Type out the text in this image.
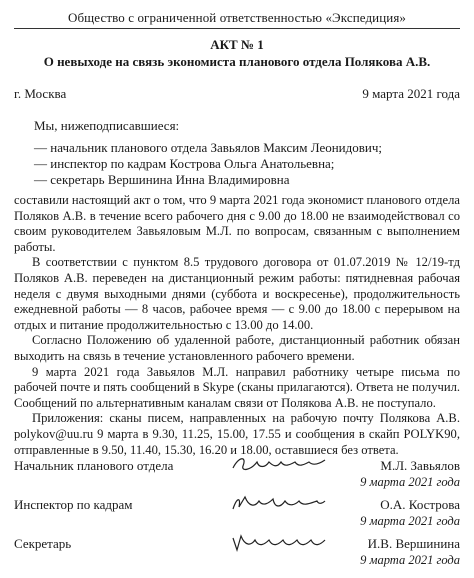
Общество с ограниченной ответственностью «Экспедиция»
АКТ № 1
О невыходе на связь экономиста планового отдела Полякова А.В.
г. Москва	9 марта 2021 года
Мы, нижеподписавшиеся:
— начальник планового отдела Завьялов Максим Леонидович;
— инспектор по кадрам Кострова Ольга Анатольевна;
— секретарь Вершинина Инна Владимировна

составили настоящий акт о том, что 9 марта 2021 года экономист планового отдела Поляков А.В. в течение всего рабочего дня с 9.00 до 18.00 не взаимодействовал со своим руководителем Завьяловым М.Л. по вопросам, связанным с выполнением работы.

В соответствии с пунктом 8.5 трудового договора от 01.07.2019 № 12/19-тд Поляков А.В. переведен на дистанционный режим работы: пятидневная рабочая неделя с двумя выходными днями (суббота и воскресенье), продолжительность ежедневной работы — 8 часов, рабочее время — с 9.00 до 18.00 с перерывом на отдых и питание продолжительностью с 13.00 до 14.00.

Согласно Положению об удаленной работе, дистанционный работник обязан выходить на связь в течение установленного рабочего времени.

9 марта 2021 года Завьялов М.Л. направил работнику четыре письма по рабочей почте и пять сообщений в Skype (сканы прилагаются). Ответа не получил. Сообщений по альтернативным каналам связи от Полякова А.В. не поступало.

Приложения: сканы писем, направленных на рабочую почту Полякова А.В. polykov@uu.ru 9 марта в 9.30, 11.25, 15.00, 17.55 и сообщения в скайп POLYK90, отправленные в 9.50, 11.40, 15.30, 16.20 и 18.00, оставшиеся без ответа.

Начальник планового отдела	М.Л. Завьялов
9 марта 2021 года
Инспектор по кадрам	О.А. Кострова
9 марта 2021 года
Секретарь	И.В. Вершинина
9 марта 2021 года
